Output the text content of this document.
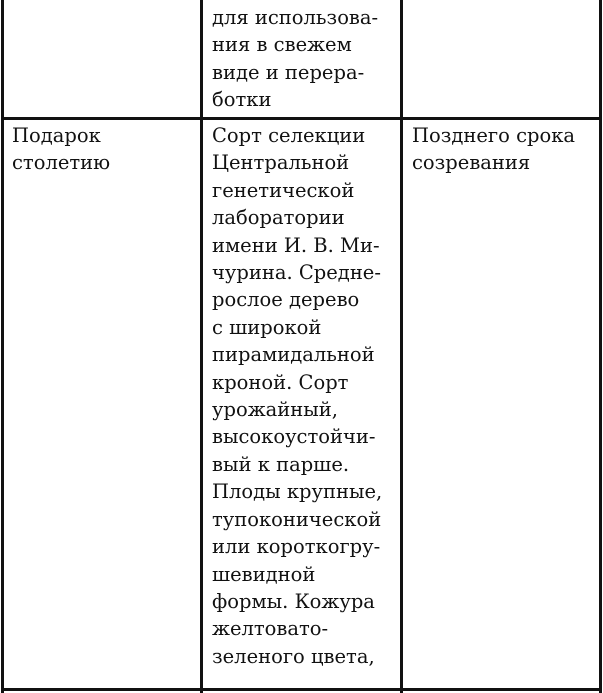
для использова-
ния в свежем
виде и перера-
ботки
Подарок
столетию
Сорт селекции
Центральной
генетической
лаборатории
имени И. В. Ми-
чурина. Средне-
рослое дерево
с широкой
пирамидальной
кроной. Сорт
урожайный,
высокоустойчи-
вый к парше.
Плоды крупные,
тупоконической
или короткогру-
шевидной
формы. Кожура
желтовато-
зеленого цвета,
Позднего срока
созревания
